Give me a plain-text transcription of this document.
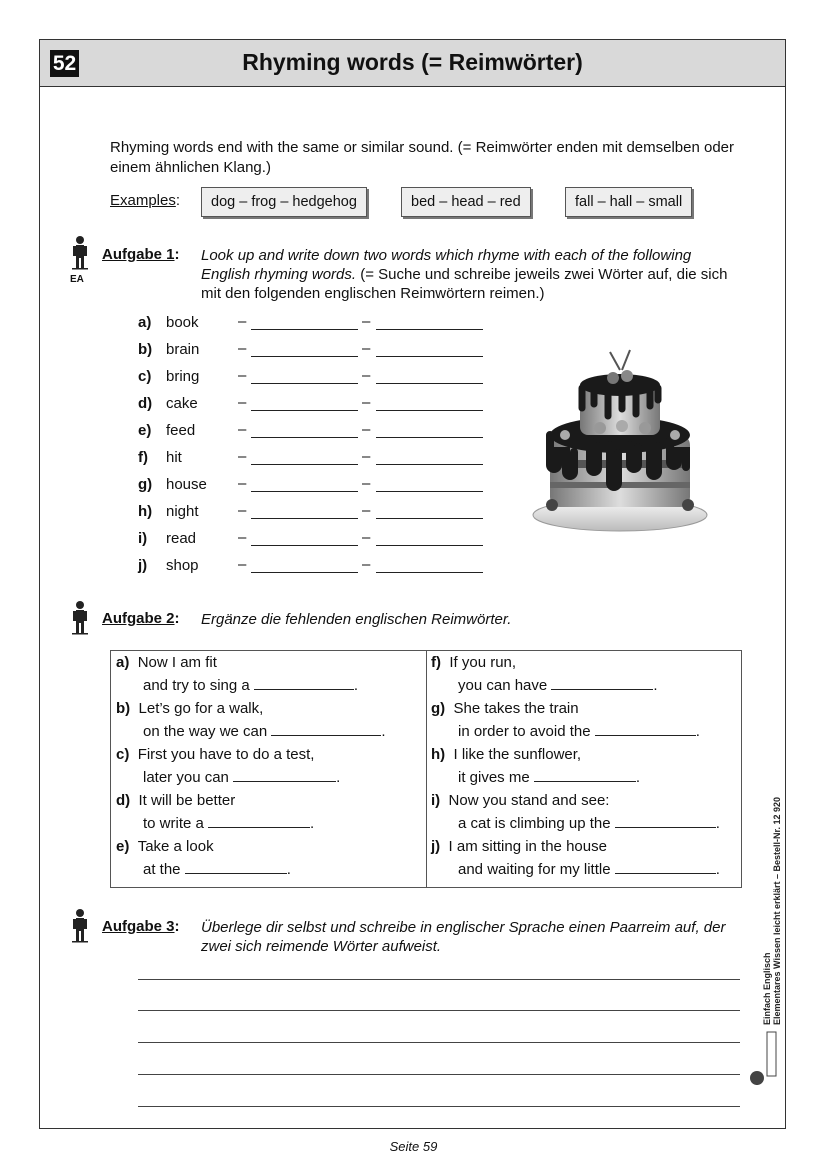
52	Rhyming words (= Reimwörter)
Rhyming words end with the same or similar sound. (= Reimwörter enden mit demselben oder einem ähnlichen Klang.)
Examples:	dog – frog – hedgehog	bed – head – red	fall – hall – small
EA
Aufgabe 1: Look up and write down two words which rhyme with each of the following English rhyming words. (= Suche und schreibe jeweils zwei Wörter auf, die sich mit den folgenden englischen Reimwörtern reimen.)
a) book	–	–
b) brain	–	–
c) bring	–	–
d) cake	–	–
e) feed	–	–
f) hit	–	–
g) house –	–
h) night	–	–
i) read	–	–
j) shop	–	–
Aufgabe 2: Ergänze die fehlenden englischen Reimwörter.
a) Now I am fit
and try to sing a	.
b) Let’s go for a walk,
on the way we can	.
c) First you have to do a test,
later you can	.
d) It will be better
to write a	.
e) Take a look
at the	.
f) If you run,
you can have	.
g) She takes the train
in order to avoid the	.
h) I like the sunflower,
it gives me	.
i) Now you stand and see:
a cat is climbing up the	.
j) I am sitting in the house
and waiting for my little	.
Aufgabe 3: Überlege dir selbst und schreibe in englischer Sprache einen Paarreim auf, der zwei sich reimende Wörter aufweist.
Einfach Englisch Elementares Wissen leicht erklärt – Bestell-Nr. 12 920
Seite 59
